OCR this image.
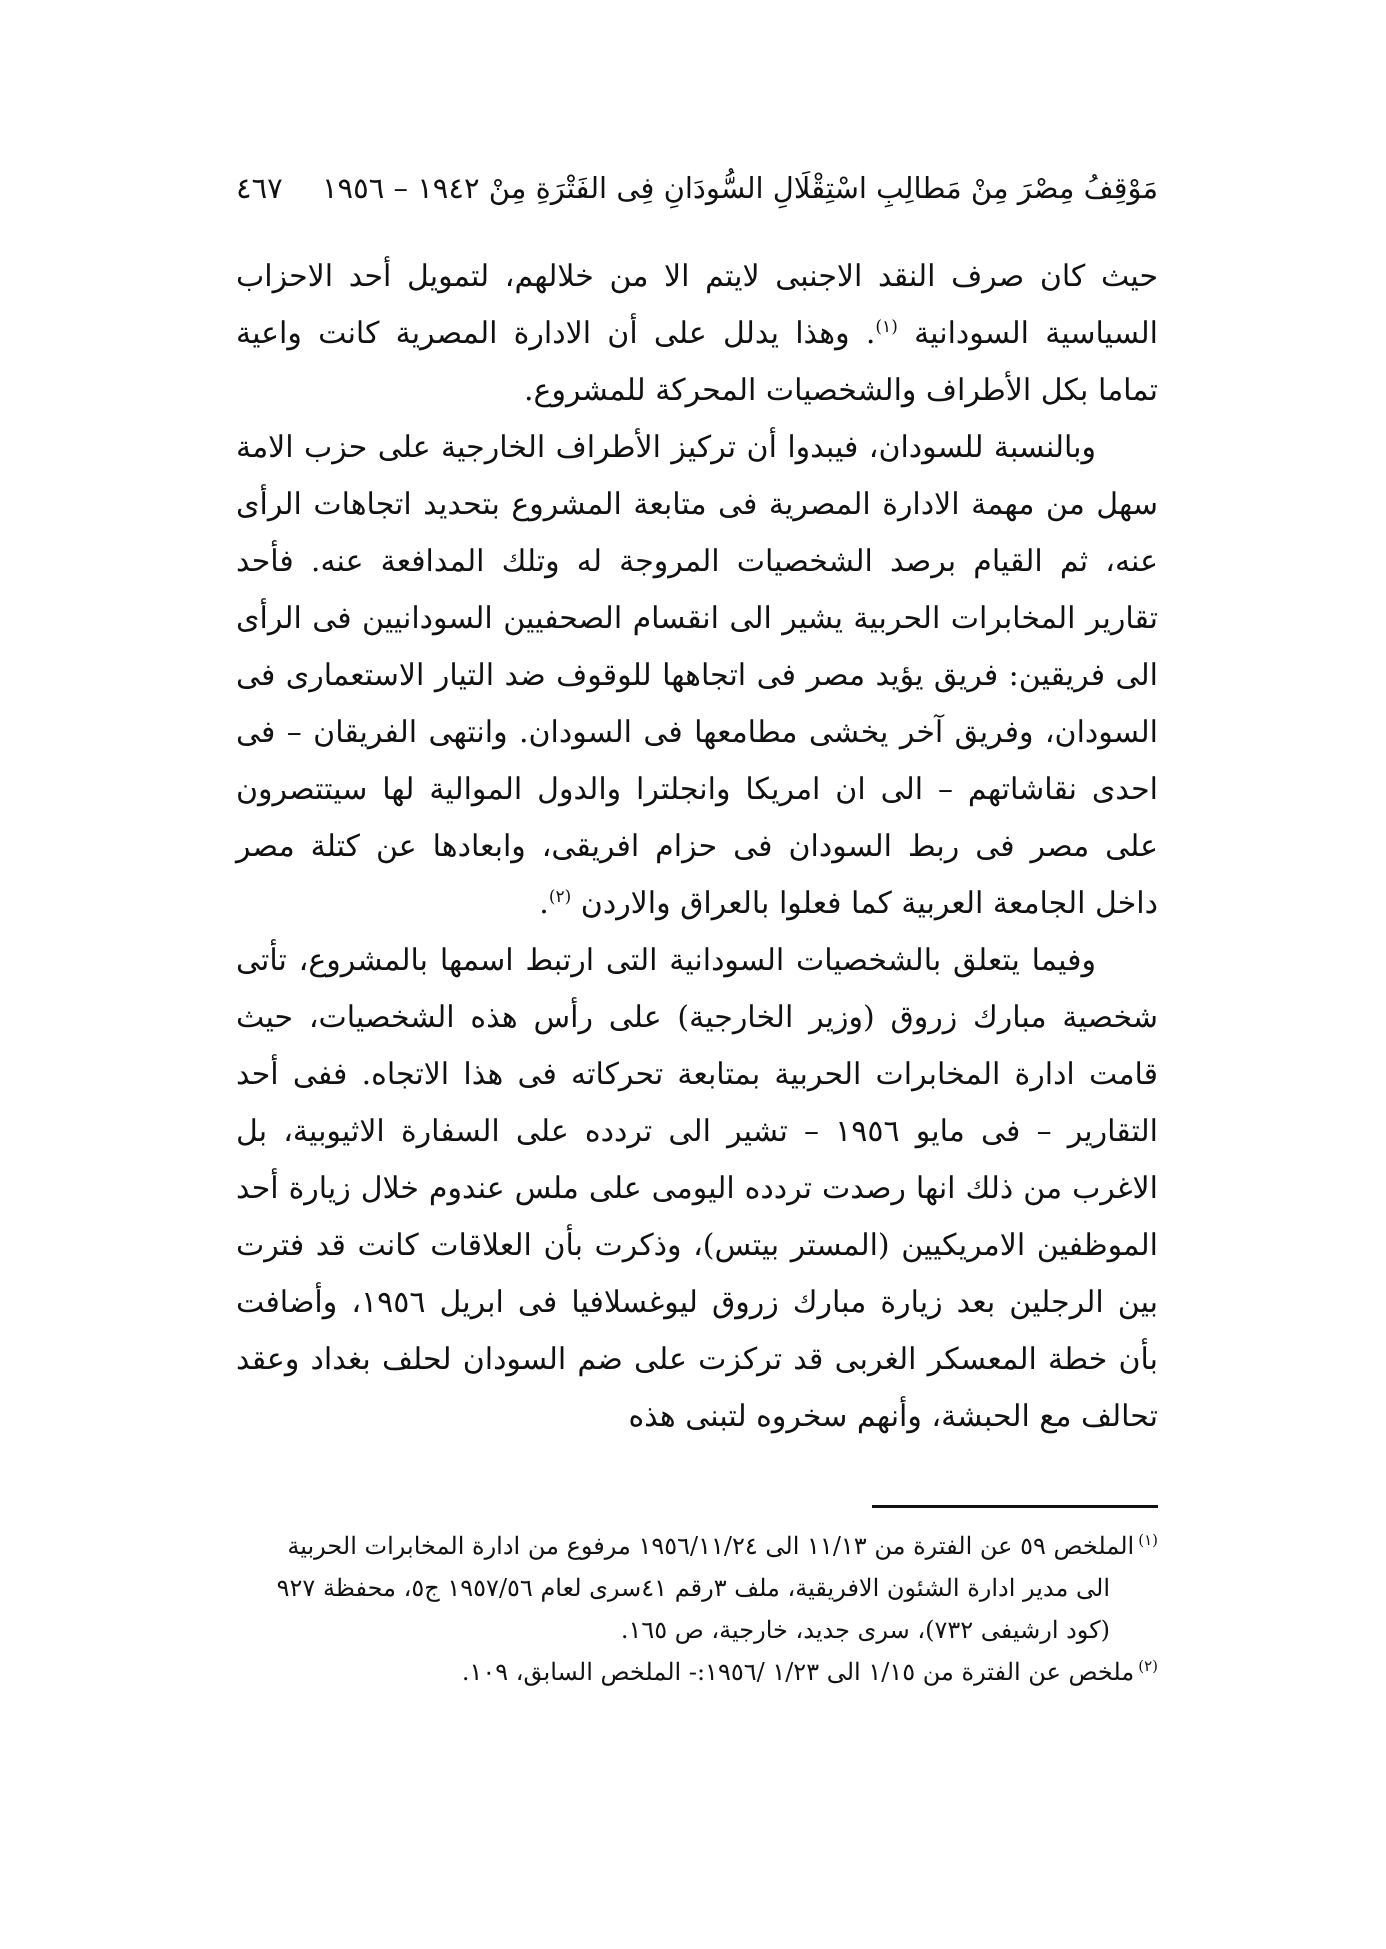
مَوْقِفُ مِصْرَ مِنْ مَطالِبِ اسْتِقْلَالِ السُّودَانِ فِى الفَتْرَةِ مِنْ ١٩٤٢ – ١٩٥٦
٤٦٧

حيث كان صرف النقد الاجنبى لايتم الا من خلالهم، لتمويل أحد الاحزاب السياسية السودانية $^{(١)}$. وهذا يدلل على أن الادارة المصرية كانت واعية تماما بكل الأطراف والشخصيات المحركة للمشروع.

وبالنسبة للسودان، فيبدوا أن تركيز الأطراف الخارجية على حزب الامة سهل من مهمة الادارة المصرية فى متابعة المشروع بتحديد اتجاهات الرأى عنه، ثم القيام برصد الشخصيات المروجة له وتلك المدافعة عنه. فأحد تقارير المخابرات الحربية يشير الى انقسام الصحفيين السودانيين فى الرأى الى فريقين: فريق يؤيد مصر فى اتجاهها للوقوف ضد التيار الاستعمارى فى السودان، وفريق آخر يخشى مطامعها فى السودان. وانتهى الفريقان – فى احدى نقاشاتهم – الى ان امريكا وانجلترا والدول الموالية لها سيتتصرون على مصر فى ربط السودان فى حزام افريقى، وابعادها عن كتلة مصر داخل الجامعة العربية كما فعلوا بالعراق والاردن $^{(٢)}$.

وفيما يتعلق بالشخصيات السودانية التى ارتبط اسمها بالمشروع، تأتى شخصية مبارك زروق (وزير الخارجية) على رأس هذه الشخصيات، حيث قامت ادارة المخابرات الحربية بمتابعة تحركاته فى هذا الاتجاه. ففى أحد التقارير – فى مايو ١٩٥٦ – تشير الى تردده على السفارة الاثيوبية، بل الاغرب من ذلك انها رصدت تردده اليومى على ملس عندوم خلال زيارة أحد الموظفين الامريكيين (المستر بيتس)، وذكرت بأن العلاقات كانت قد فترت بين الرجلين بعد زيارة مبارك زروق ليوغسلافيا فى ابريل ١٩٥٦، وأضافت بأن خطة المعسكر الغربى قد تركزت على ضم السودان لحلف بغداد وعقد تحالف مع الحبشة، وأنهم سخروه لتبنى هذه

$^{(١)}$الملخص ٥٩ عن الفترة من ١١/١٣ الى ١٩٥٦/١١/٢٤ مرفوع من ادارة المخابرات الحربية
الى مدير ادارة الشئون الافريقية، ملف ٣رقم ٤١سرى لعام ١٩٥٧/٥٦ ج٥، محفظة ٩٢٧
(كود ارشيفى ٧٣٢)، سرى جديد، خارجية، ص ١٦٥.

$^{(٢)}$ملخص عن الفترة من ١/١٥ الى ١/٢٣ /١٩٥٦:- الملخص السابق، ١٠٩.
